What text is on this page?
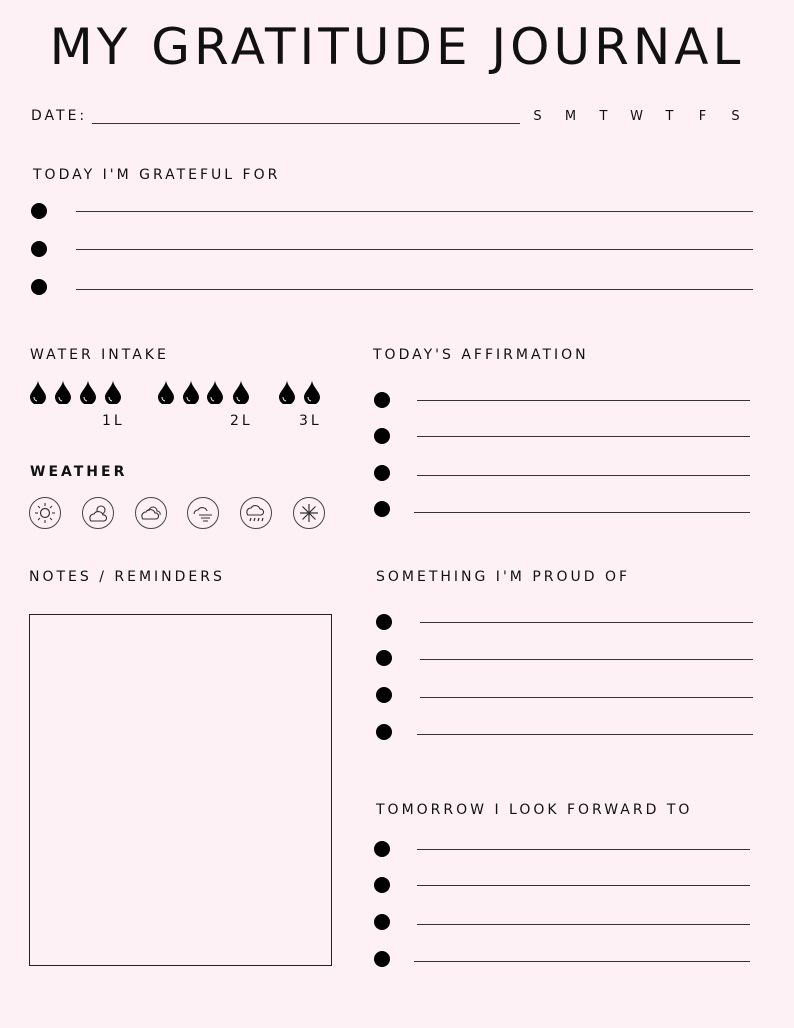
MY GRATITUDE JOURNAL
DATE:	S	M	T	W	T	F	S
TODAY I'M GRATEFUL FOR
WATER INTAKE
1L	2L	3L
WEATHER
TODAY'S AFFIRMATION
NOTES / REMINDERS	SOMETHING I'M PROUD OF
TOMORROW I LOOK FORWARD TO
